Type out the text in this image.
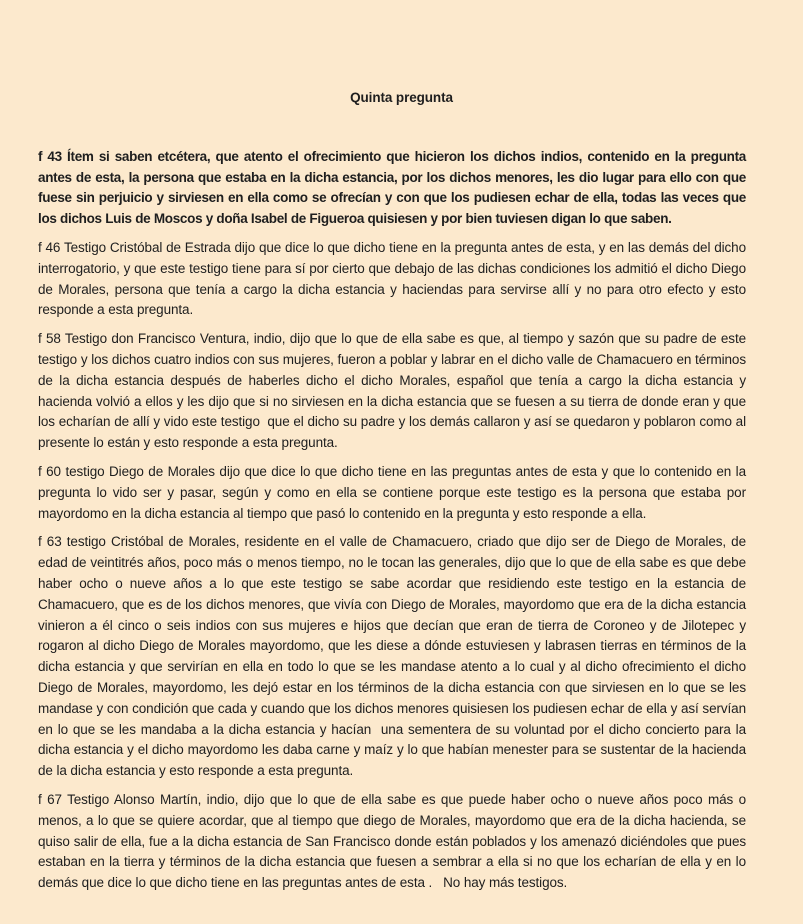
Quinta pregunta

f 43 Ítem si saben etcétera, que atento el ofrecimiento que hicieron los dichos indios, contenido en la pregunta antes de esta, la persona que estaba en la dicha estancia, por los dichos menores, les dio lugar para ello con que fuese sin perjuicio y sirviesen en ella como se ofrecían y con que los pudiesen echar de ella, todas las veces que los dichos Luis de Moscos y doña Isabel de Figueroa quisiesen y por bien tuviesen digan lo que saben.

f 46 Testigo Cristóbal de Estrada dijo que dice lo que dicho tiene en la pregunta antes de esta, y en las demás del dicho interrogatorio, y que este testigo tiene para sí por cierto que debajo de las dichas condiciones los admitió el dicho Diego de Morales, persona que tenía a cargo la dicha estancia y haciendas para servirse allí y no para otro efecto y esto responde a esta pregunta.

f 58 Testigo don Francisco Ventura, indio, dijo que lo que de ella sabe es que, al tiempo y sazón que su padre de este testigo y los dichos cuatro indios con sus mujeres, fueron a poblar y labrar en el dicho valle de Chamacuero en términos de la dicha estancia después de haberles dicho el dicho Morales, español que tenía a cargo la dicha estancia y hacienda volvió a ellos y les dijo que si no sirviesen en la dicha estancia que se fuesen a su tierra de donde eran y que los echarían de allí y vido este testigo  que el dicho su padre y los demás callaron y así se quedaron y poblaron como al presente lo están y esto responde a esta pregunta.

f 60 testigo Diego de Morales dijo que dice lo que dicho tiene en las preguntas antes de esta y que lo contenido en la pregunta lo vido ser y pasar, según y como en ella se contiene porque este testigo es la persona que estaba por mayordomo en la dicha estancia al tiempo que pasó lo contenido en la pregunta y esto responde a ella.

f 63 testigo Cristóbal de Morales, residente en el valle de Chamacuero, criado que dijo ser de Diego de Morales, de edad de veintitrés años, poco más o menos tiempo, no le tocan las generales, dijo que lo que de ella sabe es que debe haber ocho o nueve años a lo que este testigo se sabe acordar que residiendo este testigo en la estancia de Chamacuero, que es de los dichos menores, que vivía con Diego de Morales, mayordomo que era de la dicha estancia vinieron a él cinco o seis indios con sus mujeres e hijos que decían que eran de tierra de Coroneo y de Jilotepec y rogaron al dicho Diego de Morales mayordomo, que les diese a dónde estuviesen y labrasen tierras en términos de la dicha estancia y que servirían en ella en todo lo que se les mandase atento a lo cual y al dicho ofrecimiento el dicho Diego de Morales, mayordomo, les dejó estar en los términos de la dicha estancia con que sirviesen en lo que se les mandase y con condición que cada y cuando que los dichos menores quisiesen los pudiesen echar de ella y así servían en lo que se les mandaba a la dicha estancia y hacían  una sementera de su voluntad por el dicho concierto para la dicha estancia y el dicho mayordomo les daba carne y maíz y lo que habían menester para se sustentar de la hacienda de la dicha estancia y esto responde a esta pregunta.

f 67 Testigo Alonso Martín, indio, dijo que lo que de ella sabe es que puede haber ocho o nueve años poco más o menos, a lo que se quiere acordar, que al tiempo que diego de Morales, mayordomo que era de la dicha hacienda, se quiso salir de ella, fue a la dicha estancia de San Francisco donde están poblados y los amenazó diciéndoles que pues estaban en la tierra y términos de la dicha estancia que fuesen a sembrar a ella si no que los echarían de ella y en lo demás que dice lo que dicho tiene en las preguntas antes de esta .   No hay más testigos.
